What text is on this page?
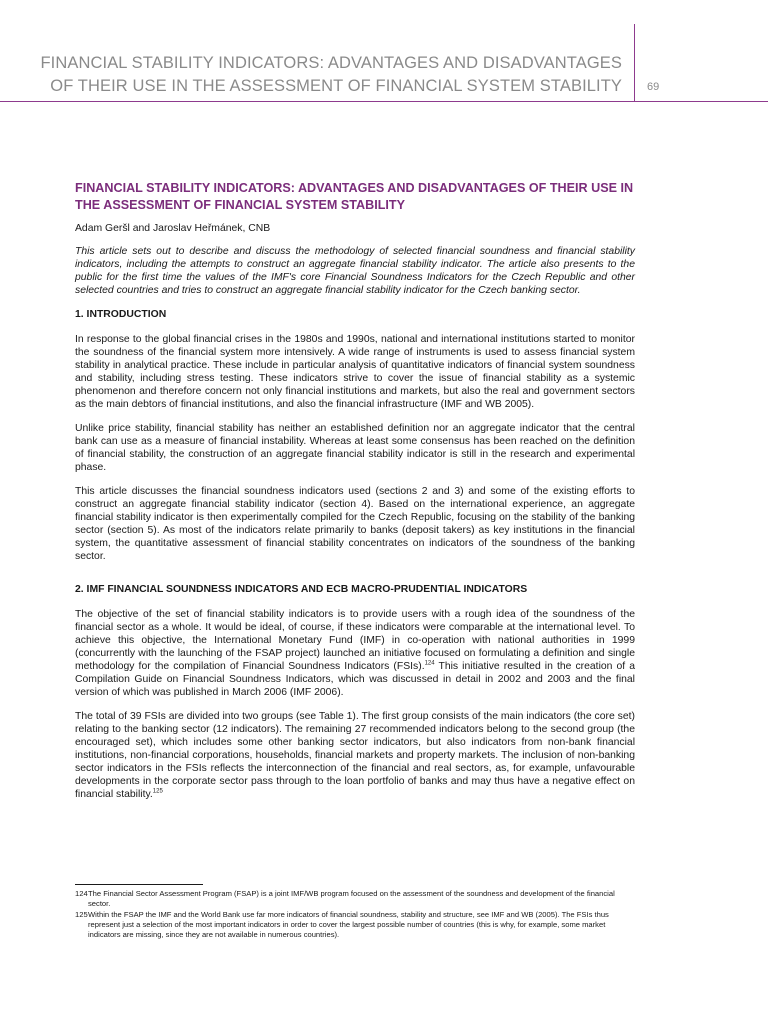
FINANCIAL STABILITY INDICATORS: ADVANTAGES AND DISADVANTAGES
OF THEIR USE IN THE ASSESSMENT OF FINANCIAL SYSTEM STABILITY 69
FINANCIAL STABILITY INDICATORS: ADVANTAGES AND DISADVANTAGES OF THEIR USE IN THE ASSESSMENT OF FINANCIAL SYSTEM STABILITY
Adam Geršl and Jaroslav Heřmánek, CNB
This article sets out to describe and discuss the methodology of selected financial soundness and financial stability indicators, including the attempts to construct an aggregate financial stability indicator. The article also presents to the public for the first time the values of the IMF's core Financial Soundness Indicators for the Czech Republic and other selected countries and tries to construct an aggregate financial stability indicator for the Czech banking sector.
1. INTRODUCTION
In response to the global financial crises in the 1980s and 1990s, national and international institutions started to monitor the soundness of the financial system more intensively. A wide range of instruments is used to assess financial system stability in analytical practice. These include in particular analysis of quantitative indicators of financial system soundness and stability, including stress testing. These indicators strive to cover the issue of financial stability as a systemic phenomenon and therefore concern not only financial institutions and markets, but also the real and government sectors as the main debtors of financial institutions, and also the financial infrastructure (IMF and WB 2005).
Unlike price stability, financial stability has neither an established definition nor an aggregate indicator that the central bank can use as a measure of financial instability. Whereas at least some consensus has been reached on the definition of financial stability, the construction of an aggregate financial stability indicator is still in the research and experimental phase.
This article discusses the financial soundness indicators used (sections 2 and 3) and some of the existing efforts to construct an aggregate financial stability indicator (section 4). Based on the international experience, an aggregate financial stability indicator is then experimentally compiled for the Czech Republic, focusing on the stability of the banking sector (section 5). As most of the indicators relate primarily to banks (deposit takers) as key institutions in the financial system, the quantitative assessment of financial stability concentrates on indicators of the soundness of the banking sector.
2. IMF FINANCIAL SOUNDNESS INDICATORS AND ECB MACRO-PRUDENTIAL INDICATORS
The objective of the set of financial stability indicators is to provide users with a rough idea of the soundness of the financial sector as a whole. It would be ideal, of course, if these indicators were comparable at the international level. To achieve this objective, the International Monetary Fund (IMF) in co-operation with national authorities in 1999 (concurrently with the launching of the FSAP project) launched an initiative focused on formulating a definition and single methodology for the compilation of Financial Soundness Indicators (FSIs).$^{124}$ This initiative resulted in the creation of a Compilation Guide on Financial Soundness Indicators, which was discussed in detail in 2002 and 2003 and the final version of which was published in March 2006 (IMF 2006).
The total of 39 FSIs are divided into two groups (see Table 1). The first group consists of the main indicators (the core set) relating to the banking sector (12 indicators). The remaining 27 recommended indicators belong to the second group (the encouraged set), which includes some other banking sector indicators, but also indicators from non-bank financial institutions, non-financial corporations, households, financial markets and property markets. The inclusion of non-banking sector indicators in the FSIs reflects the interconnection of the financial and real sectors, as, for example, unfavourable developments in the corporate sector pass through to the loan portfolio of banks and may thus have a negative effect on financial stability.$^{125}$
124 The Financial Sector Assessment Program (FSAP) is a joint IMF/WB program focused on the assessment of the soundness and development of the financial sector.
125 Within the FSAP the IMF and the World Bank use far more indicators of financial soundness, stability and structure, see IMF and WB (2005). The FSIs thus represent just a selection of the most important indicators in order to cover the largest possible number of countries (this is why, for example, some market indicators are missing, since they are not available in numerous countries).
